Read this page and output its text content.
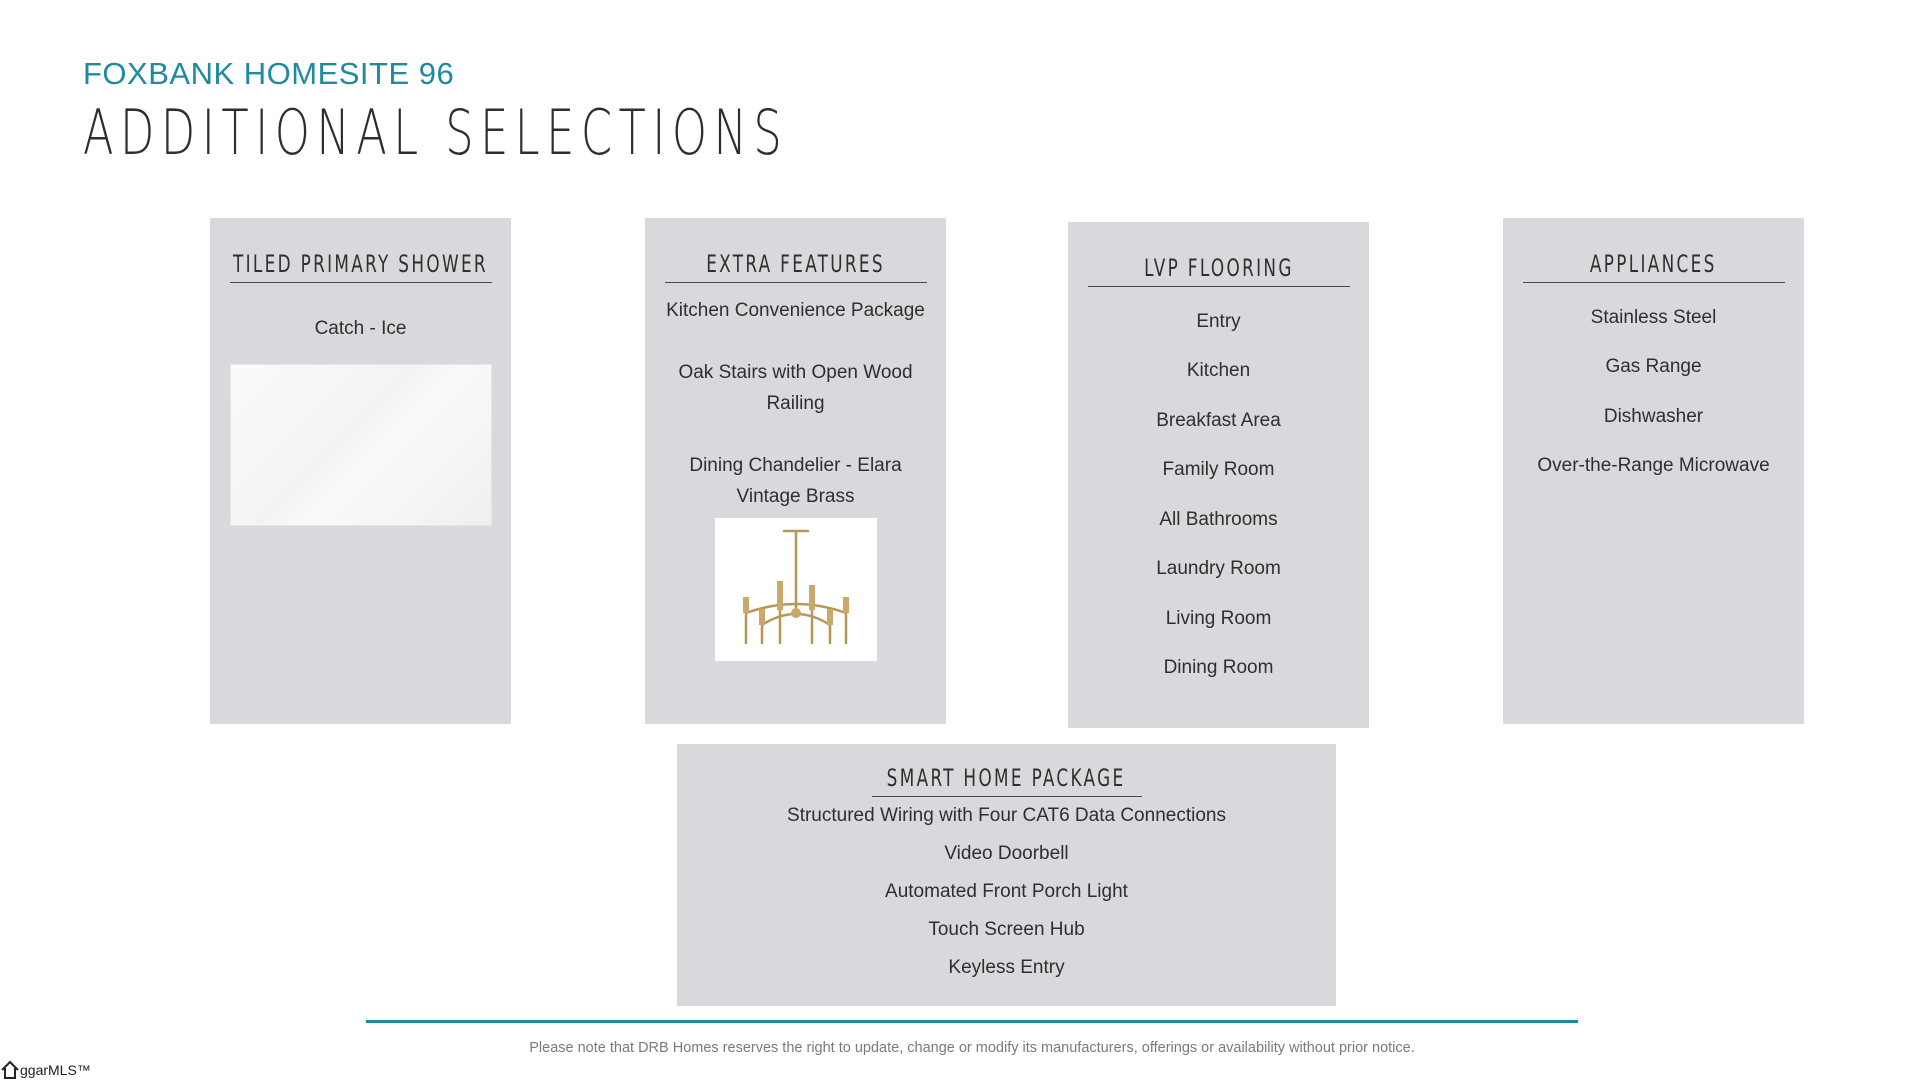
FOXBANK HOMESITE 96
ADDITIONAL SELECTIONS
TILED PRIMARY SHOWER
Catch - Ice
EXTRA FEATURES
Kitchen Convenience Package
Oak Stairs with Open Wood Railing
Dining Chandelier - Elara Vintage Brass
LVP FLOORING
Entry
Kitchen
Breakfast Area
Family Room
All Bathrooms
Laundry Room
Living Room
Dining Room
APPLIANCES
Stainless Steel
Gas Range
Dishwasher
Over-the-Range Microwave
SMART HOME PACKAGE
Structured Wiring with Four CAT6 Data Connections
Video Doorbell
Automated Front Porch Light
Touch Screen Hub
Keyless Entry
Please note that DRB Homes reserves the right to update, change or modify its manufacturers, offerings or availability without prior notice.
ggarMLS™
